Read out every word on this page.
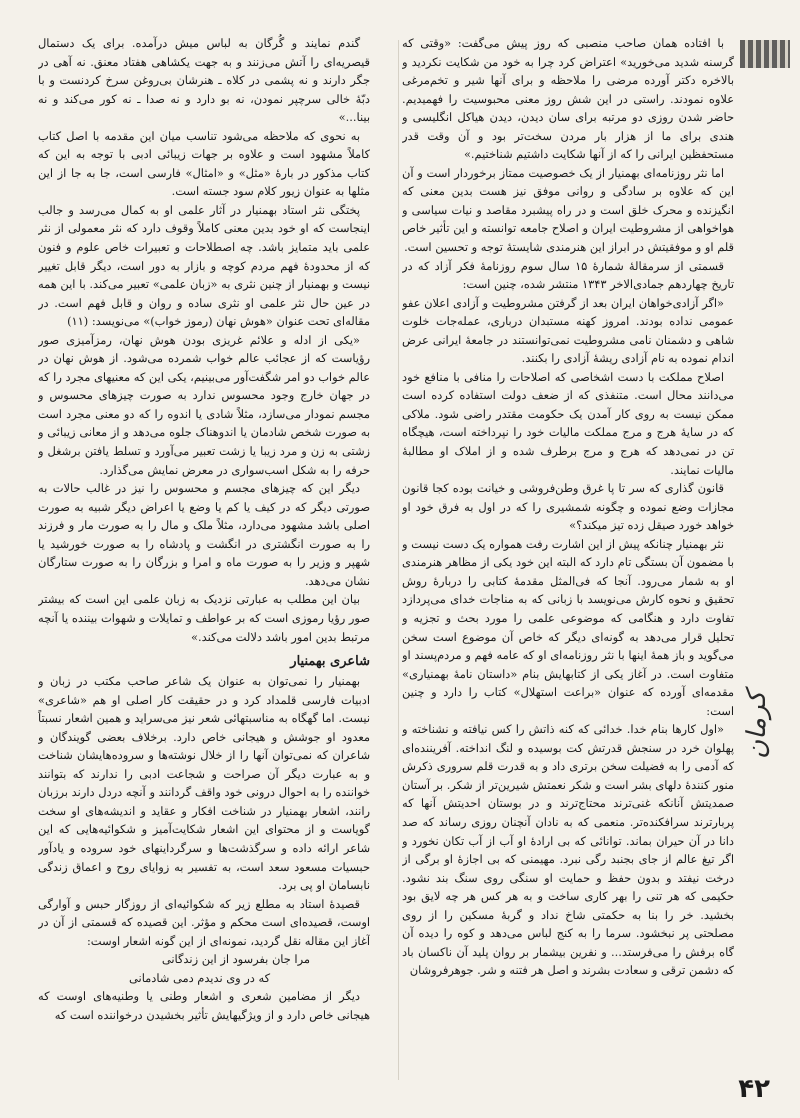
با افتاده همان صاحب منصبی که روز پیش می‌گفت: «وقتی که گرسنه شدید می‌خورید» اعتراض کرد چرا به خود من شکایت نکردید و بالاخره دکتر آورده مرضی را ملاحظه و برای آنها شیر و تخم‌مرغی علاوه نمودند. راستی در این شش روز معنی محبوسیت را فهمیدیم. حاضر شدن روزی دو مرتبه برای سان دیدن، دیدن هیاکل انگلیسی و هندی برای ما از هزار بار مردن سخت‌تر بود و آن وقت قدر مستحفظین ایرانی را که از آنها شکایت داشتیم شناختیم.»

اما نثر روزنامه‌ای بهمنیار از یک خصوصیت ممتاز برخوردار است و آن این که علاوه بر سادگی و روانی موفق نیز هست بدین معنی که انگیزنده و محرک خلق است و در راه پیشبرد مقاصد و نیات سیاسی و هواخواهی از مشروطیت ایران و اصلاح جامعه توانسته و این تأثیر خاص قلم او و موفقیتش در ابراز این هنرمندی شایستهٔ توجه و تحسین است.

قسمتی از سرمقالهٔ شمارهٔ ۱۵ سال سوم روزنامهٔ فکر آزاد که در تاریخ چهاردهم جمادی‌الاخر ۱۳۴۳ منتشر شده، چنین است:

«اگر آزادی‌خواهان ایران بعد از گرفتن مشروطیت و آزادی اعلان عفو عمومی نداده بودند. امروز کهنه مستبدان درباری، عمله‌جات خلوت شاهی و دشمنان نامی مشروطیت نمی‌توانستند در جامعهٔ ایرانی عرض اندام نموده به نام آزادی ریشهٔ آزادی را بکنند.

اصلاح مملکت با دست اشخاصی که اصلاحات را منافی با منافع خود می‌دانند محال است. متنفذی که از ضعف دولت استفاده کرده است ممکن نیست به روی کار آمدن یک حکومت مقتدر راضی شود. ملاکی که در سایهٔ هرج و مرج مملکت مالیات خود را نپرداخته است، هیچگاه تن در نمی‌دهد که هرج و مرج برطرف شده و از املاک او مطالبهٔ مالیات نمایند.

قانون گذاری که سر تا پا غرق وطن‌فروشی و خیانت بوده کجا قانون مجازات وضع نموده و چگونه شمشیری را که در اول به فرق خود او خواهد خورد صیقل زده تیز میکند؟»

نثر بهمنیار چنانکه پیش از این اشارت رفت همواره یک دست نیست و با مضمون آن بستگی تام دارد که البته این خود یکی از مظاهر هنرمندی او به شمار می‌رود. آنجا که فی‌المثل مقدمهٔ کتابی را دربارهٔ روش تحقیق و نحوه کارش می‌نویسد با زبانی که به مناجات خدای می‌پردازد تفاوت دارد و هنگامی که موضوعی علمی را مورد بحث و تجزیه و تحلیل قرار می‌دهد به گونه‌ای دیگر که خاص آن موضوع است سخن می‌گوید و باز همهٔ اینها با نثر روزنامه‌ای او که عامه فهم و مردم‌پسند او متفاوت است. در آغاز یکی از کتابهایش بنام «داستان نامهٔ بهمنیاری» مقدمه‌ای آورده که عنوان «براعت استهلال» کتاب را دارد و چنین است:

«اول کارها بنام خدا. خدائی که کنه ذاتش را کس نیافته و نشناخته و پهلوان خرد در سنجش قدرتش کت بوسیده و لنگ انداخته. آفریننده‌ای که آدمی را به فضیلت سخن برتری داد و به قدرت قلم سروری ذکرش منور کنندهٔ دلهای بشر است و شکر نعمتش شیرین‌تر از شکر. بر آستان صمدیتش آنانکه غنی‌ترند محتاج‌ترند و در بوستان احدیتش آنها که پربارترند سرافکنده‌تر. منعمی که به نادان آنچنان روزی رساند که صد دانا در آن حیران بماند. توانائی که بی ارادهٔ او آب از آب تکان نخورد و اگر تیغ عالم از جای بجنبد رگی نبرد. مهیمنی که بی اجازهٔ او برگی از درخت نیفتد و بدون حفظ و حمایت او سنگی روی سنگ بند نشود. حکیمی که هر تنی را بهر کاری ساخت و به هر کس هر چه لایق بود بخشید. خر را بنا به حکمتی شاخ نداد و گربهٔ مسکین را از روی مصلحتی پر نبخشود. سرما را به کنج لباس می‌دهد و کوه را دیده آن گاه برفش را می‌فرستد... و نفرین بیشمار بر روان پلید آن ناکسان باد که دشمن ترقی و سعادت بشرند و اصل هر فتنه و شر. جوهرفروشان

گندم نمایند و گُرگان به لباس میش درآمده. برای یک دستمال قیصریه‌ای را آتش می‌زنند و به جهت یکشاهی هفتاد معنق. نه آهی در جگر دارند و نه پشمی در کلاه ـ هنرشان بی‌روغن سرخ کردنست و با دبّهٔ خالی سرچپر نمودن، نه بو دارد و نه صدا ـ نه کور می‌کند و نه بینا...»

به نحوی که ملاحظه می‌شود تناسب میان این مقدمه با اصل کتاب کاملاً مشهود است و علاوه بر جهات زیبائی ادبی با توجه به این که کتاب مذکور در بارهٔ «مثل» و «امثال» فارسی است، جا به جا از این مثلها به عنوان زیور کلام سود جسته است.

پختگی نثر استاد بهمنیار در آثار علمی او به کمال می‌رسد و جالب اینجاست که او خود بدین معنی کاملاً وقوف دارد که نثر معمولی از نثر علمی باید متمایز باشد. چه اصطلاحات و تعبیرات خاص علوم و فنون که از محدودهٔ فهم مردم کوچه و بازار به دور است، دیگر قابل تغییر نیست و بهمنیار از چنین نثری به «زبان علمی» تعبیر می‌کند. با این همه در عین حال نثر علمی او نثری ساده و روان و قابل فهم است. در مقاله‌ای تحت عنوان «هوش نهان (رموز خواب)» می‌نویسد: (۱۱)

«یکی از ادله و علائم غریزی بودن هوش نهان، رمزآمیزی صور رؤیاست که از عجائب عالم خواب شمرده می‌شود. از هوش نهان در عالم خواب دو امر شگفت‌آور می‌بینیم، یکی این که معنیهای مجرد را که در جهان خارج وجود محسوس ندارد به صورت چیزهای محسوس و مجسم نمودار می‌سازد، مثلاً شادی یا اندوه را که دو معنی مجرد است به صورت شخص شادمان یا اندوهناک جلوه می‌دهد و از معانی زیبائی و زشتی به زن و مرد زیبا یا زشت تعبیر می‌آورد و تسلط یافتن برشغل و حرفه را به شکل اسب‌سواری در معرض نمایش می‌گذارد.

دیگر این که چیزهای مجسم و محسوس را نیز در غالب حالات به صورتی دیگر که در کیف یا کم یا وضع یا اعراض دیگر شبیه به صورت اصلی باشد مشهود می‌دارد، مثلاً ملک و مال را به صورت مار و فرزند را به صورت انگشتری در انگشت و پادشاه را به صورت خورشید یا شهپر و وزیر را به صورت ماه و امرا و بزرگان را به صورت ستارگان نشان می‌دهد.

بیان این مطلب به عبارتی نزدیک به زبان علمی این است که بیشتر صور رؤیا رموزی است که بر عواطف و تمایلات و شهوات بیننده یا آنچه مرتبط بدین امور باشد دلالت می‌کند.»

شاعری بهمنیار

بهمنیار را نمی‌توان به عنوان یک شاعر صاحب مکتب در زبان و ادبیات فارسی قلمداد کرد و در حقیقت کار اصلی او هم «شاعری» نیست. اما گهگاه به مناسبتهائی شعر نیز می‌سراید و همین اشعار نسبتاً معدود او جوشش و هیجانی خاص دارد. برخلاف بعضی گویندگان و شاعران که نمی‌توان آنها را از خلال نوشته‌ها و سروده‌هایشان شناخت و به عبارت دیگر آن صراحت و شجاعت ادبی را ندارند که بتوانند خواننده را به احوال درونی خود واقف گردانند و آنچه دردل دارند برزبان رانند، اشعار بهمنیار در شناخت افکار و عقاید و اندیشه‌های او سخت گویاست و از محتوای این اشعار شکایت‌آمیز و شکوائیه‌هایی که این شاعر ارائه داده و سرگذشت‌ها و سرگرداینهای خود سروده و یادآور حبسیات مسعود سعد است، به تفسیر به زوایای روح و اعماق زندگی نابسامان او پی برد.

قصیدهٔ استاد به مطلع زیر که شکوائیه‌ای از روزگار حبس و آوارگی اوست، قصیده‌ای است محکم و مؤثر. این قصیده که قسمتی از آن در آغاز این مقاله نقل گردید، نمونه‌ای از این گونه اشعار اوست:

مرا جان بفرسود از این زندگانی

که در وی ندیدم دمی شادمانی

دیگر از مضامین شعری و اشعار وطنی یا وطنیه‌های اوست که هیجانی خاص دارد و از ویژگیهایش تأثیر بخشیدن درخواننده است که

کرمان
۴۲
